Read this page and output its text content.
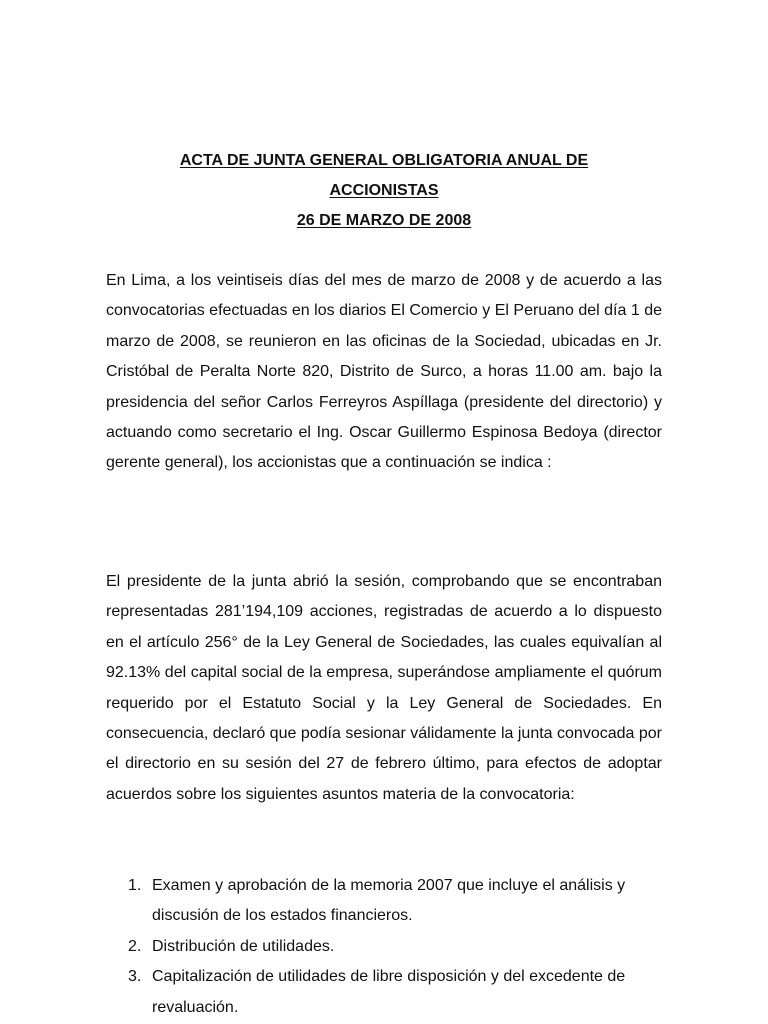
ACTA DE JUNTA GENERAL OBLIGATORIA ANUAL DE
ACCIONISTAS
26 DE MARZO DE 2008

En Lima, a los veintiseis días del mes de marzo de 2008 y de acuerdo a las convocatorias efectuadas en los diarios El Comercio y El Peruano del día 1 de marzo de 2008, se reunieron en las oficinas de la Sociedad, ubicadas en Jr. Cristóbal de Peralta Norte 820, Distrito de Surco, a horas 11.00 am. bajo la presidencia del señor Carlos Ferreyros Aspíllaga (presidente del directorio) y actuando como secretario el Ing. Oscar Guillermo Espinosa Bedoya (director gerente general), los accionistas que a continuación se indica :

El presidente de la junta abrió la sesión, comprobando que se encontraban representadas 281’194,109 acciones, registradas de acuerdo a lo dispuesto en el artículo 256° de la Ley General de Sociedades, las cuales equivalían al 92.13% del capital social de la empresa, superándose ampliamente el quórum requerido por el Estatuto Social y la Ley General de Sociedades. En consecuencia, declaró que podía sesionar válidamente la junta convocada por el directorio en su sesión del 27 de febrero último, para efectos de adoptar acuerdos sobre los siguientes asuntos materia de la convocatoria:

1. Examen y aprobación de la memoria 2007 que incluye el análisis y discusión de los estados financieros.
2. Distribución de utilidades.
3. Capitalización de utilidades de libre disposición y del excedente de revaluación.
